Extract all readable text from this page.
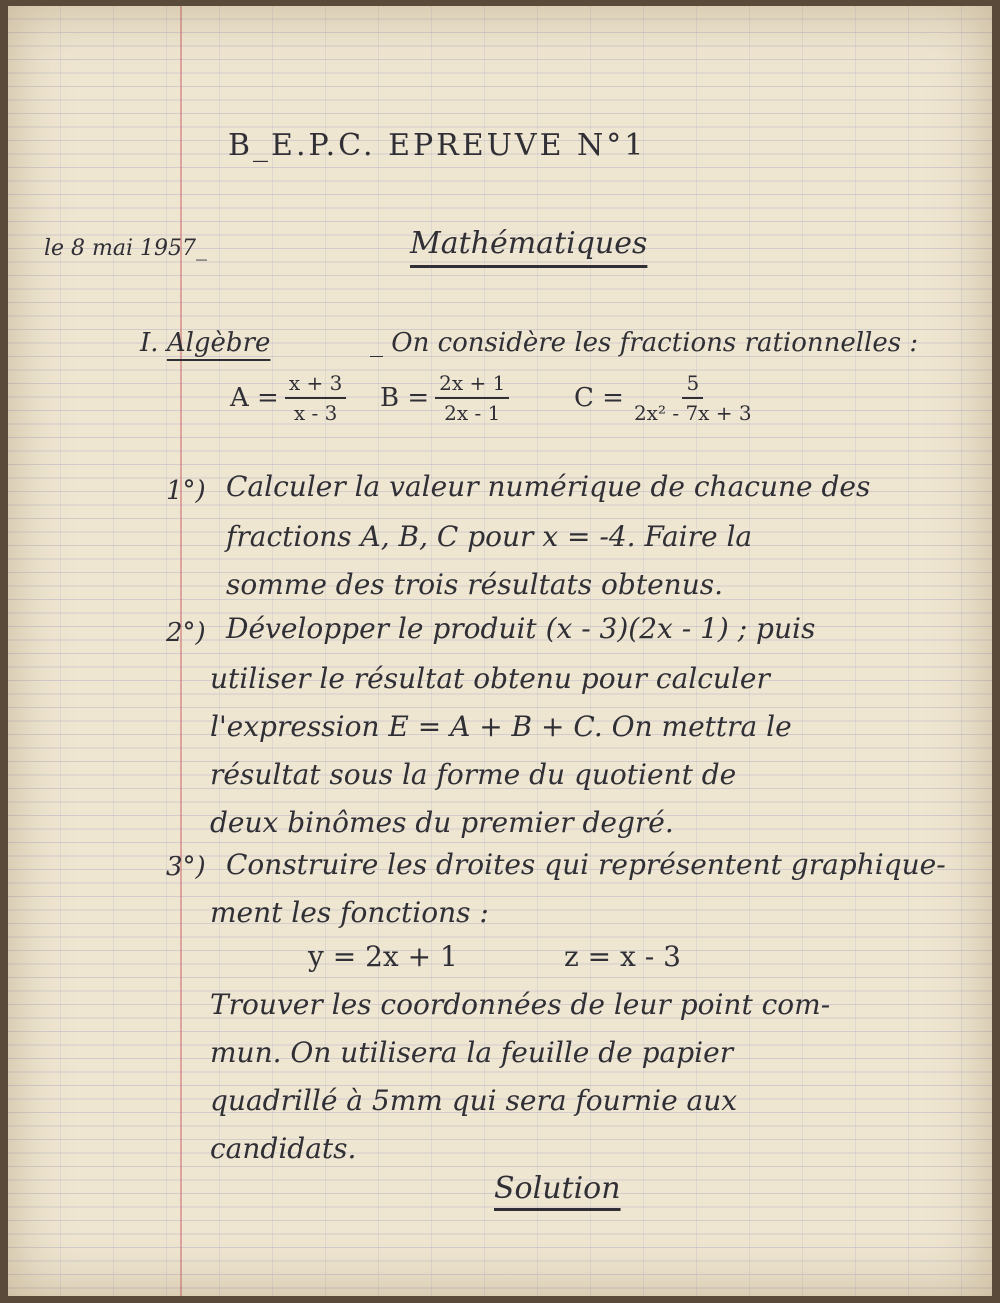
B_E.P.C. EPREUVE N°1
le 8 mai 1957_	Mathématiques
I. Algèbre	_ On considère les fractions rationnelles :
$A = \frac{x + 3}{x - 3}$ $B = \frac{2x + 1}{2x - 1}$ $C = \frac{5}{\text{2x² - 7x + 3}}$
1°) Calculer la valeur numérique de chacune des
fractions A, B, C pour x = -4. Faire la
somme des trois résultats obtenus.
2°) Développer le produit (x - 3)(2x - 1) ; puis
utiliser le résultat obtenu pour calculer
l'expression E = A + B + C. On mettra le
résultat sous la forme du quotient de
deux binômes du premier degré.
3°) Construire les droites qui représentent graphique-
ment les fonctions :
y = 2x + 1	z = x - 3
Trouver les coordonnées de leur point com-
mun. On utilisera la feuille de papier
quadrillé à 5mm qui sera fournie aux
candidats.
Solution
